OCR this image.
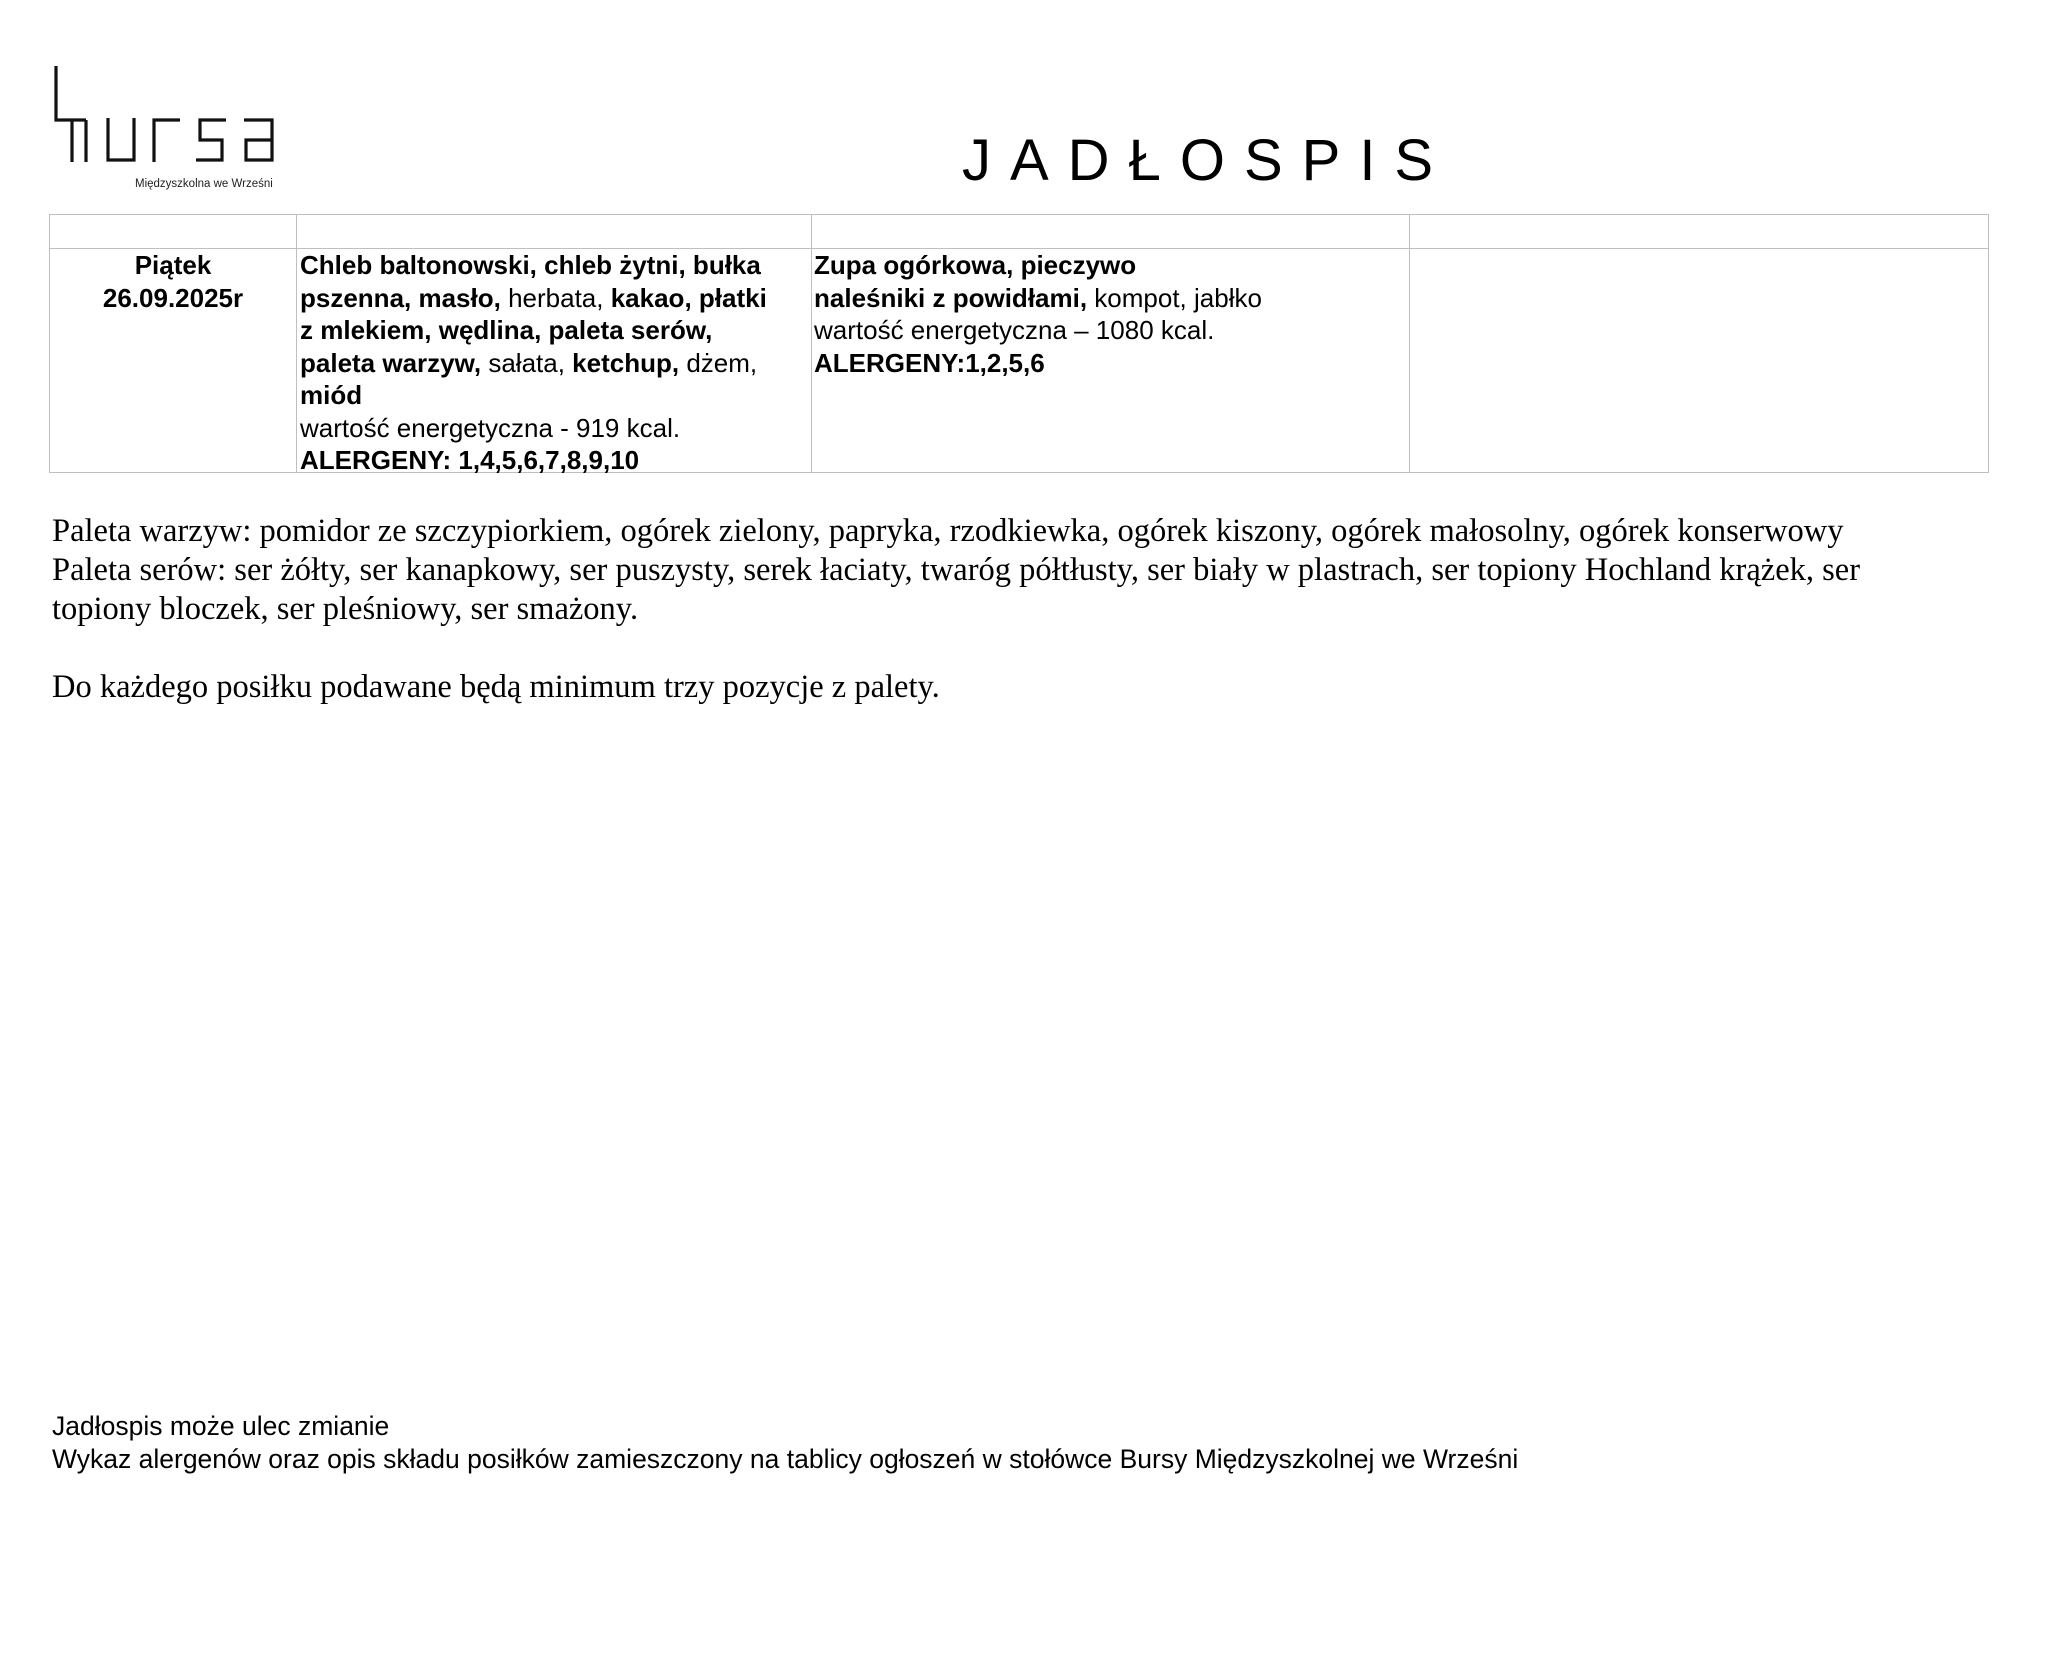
Międzyszkolna we Wrześni	JADŁOSPIS
Piątek
26.09.2025r
Chleb baltonowski, chleb żytni, bułka
pszenna, masło, herbata, kakao, płatki
z mlekiem, wędlina, paleta serów,
paleta warzyw, sałata, ketchup, dżem,
miód
wartość energetyczna - 919 kcal.
ALERGENY: 1,4,5,6,7,8,9,10
Zupa ogórkowa, pieczywo
naleśniki z powidłami, kompot, jabłko
wartość energetyczna – 1080 kcal.
ALERGENY:1,2,5,6

Paleta warzyw: pomidor ze szczypiorkiem, ogórek zielony, papryka, rzodkiewka, ogórek kiszony, ogórek małosolny, ogórek konserwowy

Paleta serów: ser żółty, ser kanapkowy, ser puszysty, serek łaciaty, twaróg półtłusty, ser biały w plastrach, ser topiony Hochland krążek, ser

topiony bloczek, ser pleśniowy, ser smażony.

Do każdego posiłku podawane będą minimum trzy pozycje z palety.

Jadłospis może ulec zmianie
Wykaz alergenów oraz opis składu posiłków zamieszczony na tablicy ogłoszeń w stołówce Bursy Międzyszkolnej we Wrześni
